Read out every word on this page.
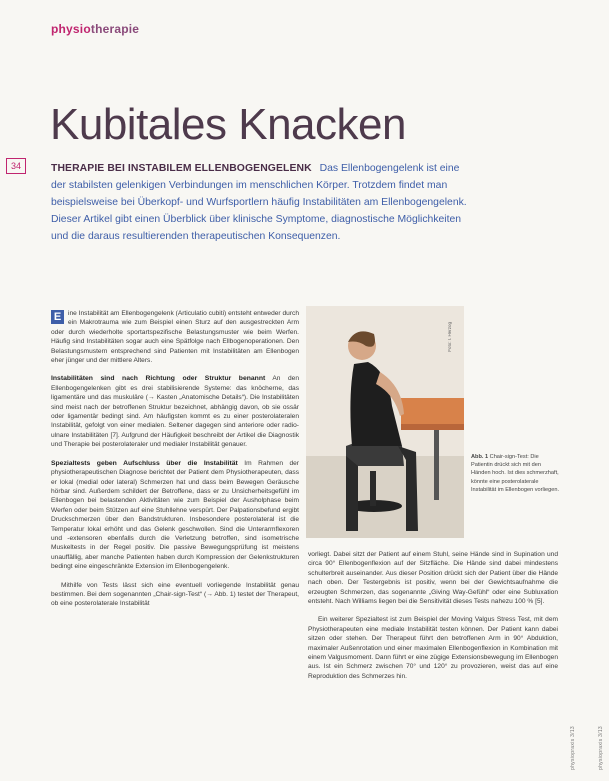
physiotherapie
34
Kubitales Knacken
THERAPIE BEI INSTABILEM ELLENBOGENGELENK Das Ellenbogengelenk ist eine der stabilsten gelenkigen Verbindungen im menschlichen Körper. Trotzdem findet man beispielsweise bei Überkopf- und Wurfsportlern häufig Instabilitäten am Ellenbogengelenk. Dieser Artikel gibt einen Überblick über klinische Symptome, diagnostische Möglichkeiten und die daraus resultierenden therapeutischen Konsequenzen.

E	ine Instabilität am Ellenbogengelenk (Articulatio cubiti) entsteht entweder durch ein Makrotrauma wie zum Beispiel einen Sturz auf den ausgestreckten Arm oder durch wiederholte sportartspezifische Belastungsmuster wie beim Werfen. Häufig sind Instabilitäten sogar auch eine Spätfolge nach Ellbogenoperationen. Den Belastungsmustern entsprechend sind Patienten mit Instabilitäten am Ellenbogen eher jünger und der mittlere Alters.

Instabilitäten sind nach Richtung oder Struktur benannt An den Ellenbogengelenken gibt es drei stabilisierende Systeme: das knöcherne, das ligamentäre und das muskuläre (→ Kasten „Anatomische Details“). Die Instabilitäten sind meist nach der betroffenen Struktur bezeichnet, abhängig davon, ob sie ossär oder ligamentär bedingt sind. Am häufigsten kommt es zu einer posterolateralen Instabilität, gefolgt von einer medialen. Seltener dagegen sind anteriore oder radio-ulnare Instabilitäten [7]. Aufgrund der Häufigkeit beschreibt der Artikel die Diagnostik und Therapie bei posterolateraler und medialer Instabilität genauer.

Spezialtests geben Aufschluss über die Instabilität Im Rahmen der physiotherapeutischen Diagnose berichtet der Patient dem Physiotherapeuten, dass er lokal (medial oder lateral) Schmerzen hat und dass beim Bewegen Geräusche hörbar sind. Außerdem schildert der Betroffene, dass er zu Unsicherheitsgefühl im Ellenbogen bei belastenden Aktivitäten wie zum Beispiel der Ausholphase beim Werfen oder beim Stützen auf eine Stuhllehne verspürt. Der Palpationsbefund ergibt Druckschmerzen über den Bandstrukturen. Insbesondere posterolateral ist die Temperatur lokal erhöht und das Gelenk geschwollen. Sind die Unterarmflexoren und -extensoren ebenfalls durch die Verletzung betroffen, sind isometrische Muskeltests in der Regel positiv. Die passive Bewegungsprüfung ist meistens unauffällig, aber manche Patienten haben durch Kompression der Gelenkstrukturen bedingt eine eingeschränkte Extension im Ellenbogengelenk.

Mithilfe von Tests lässt sich eine eventuell vorliegende Instabilität genau bestimmen. Bei dem sogenannten „Chair-sign-Test“ (→ Abb. 1) testet der Therapeut, ob eine posterolaterale Instabilität

Foto: I. Herzog
Abb. 1 Chair-sign-Test: Die Patientin drückt sich mit den Händen hoch. Ist dies schmerzhaft, könnte eine posterolaterale Instabilität im Ellenbogen vorliegen.

vorliegt. Dabei sitzt der Patient auf einem Stuhl, seine Hände sind in Supination und circa 90° Ellenbogenflexion auf der Sitzfläche. Die Hände sind dabei mindestens schulterbreit auseinander. Aus dieser Position drückt sich der Patient über die Hände nach oben. Der Testergebnis ist positiv, wenn bei der Gewichtsaufnahme die erzeugten Schmerzen, das sogenannte „Giving Way-Gefühl“ oder eine Subluxation entsteht. Nach Williams liegen bei die Sensitivität dieses Tests nahezu 100 % [5].

Ein weiterer Spezialtest ist zum Beispiel der Moving Valgus Stress Test, mit dem Physiotherapeuten eine mediale Instabilität testen können. Der Patient kann dabei sitzen oder stehen. Der Therapeut führt den betroffenen Arm in 90° Abduktion, maximaler Außenrotation und einer maximalen Ellenbogenflexion in Kombination mit einem Valgusmoment. Dann führt er eine zügige Extensionsbewegung im Ellenbogen aus. Ist ein Schmerz zwischen 70° und 120° zu provozieren, weist das auf eine Reproduktion des Schmerzes hin.

physiopraxis 3/13	physiopraxis 3/13
